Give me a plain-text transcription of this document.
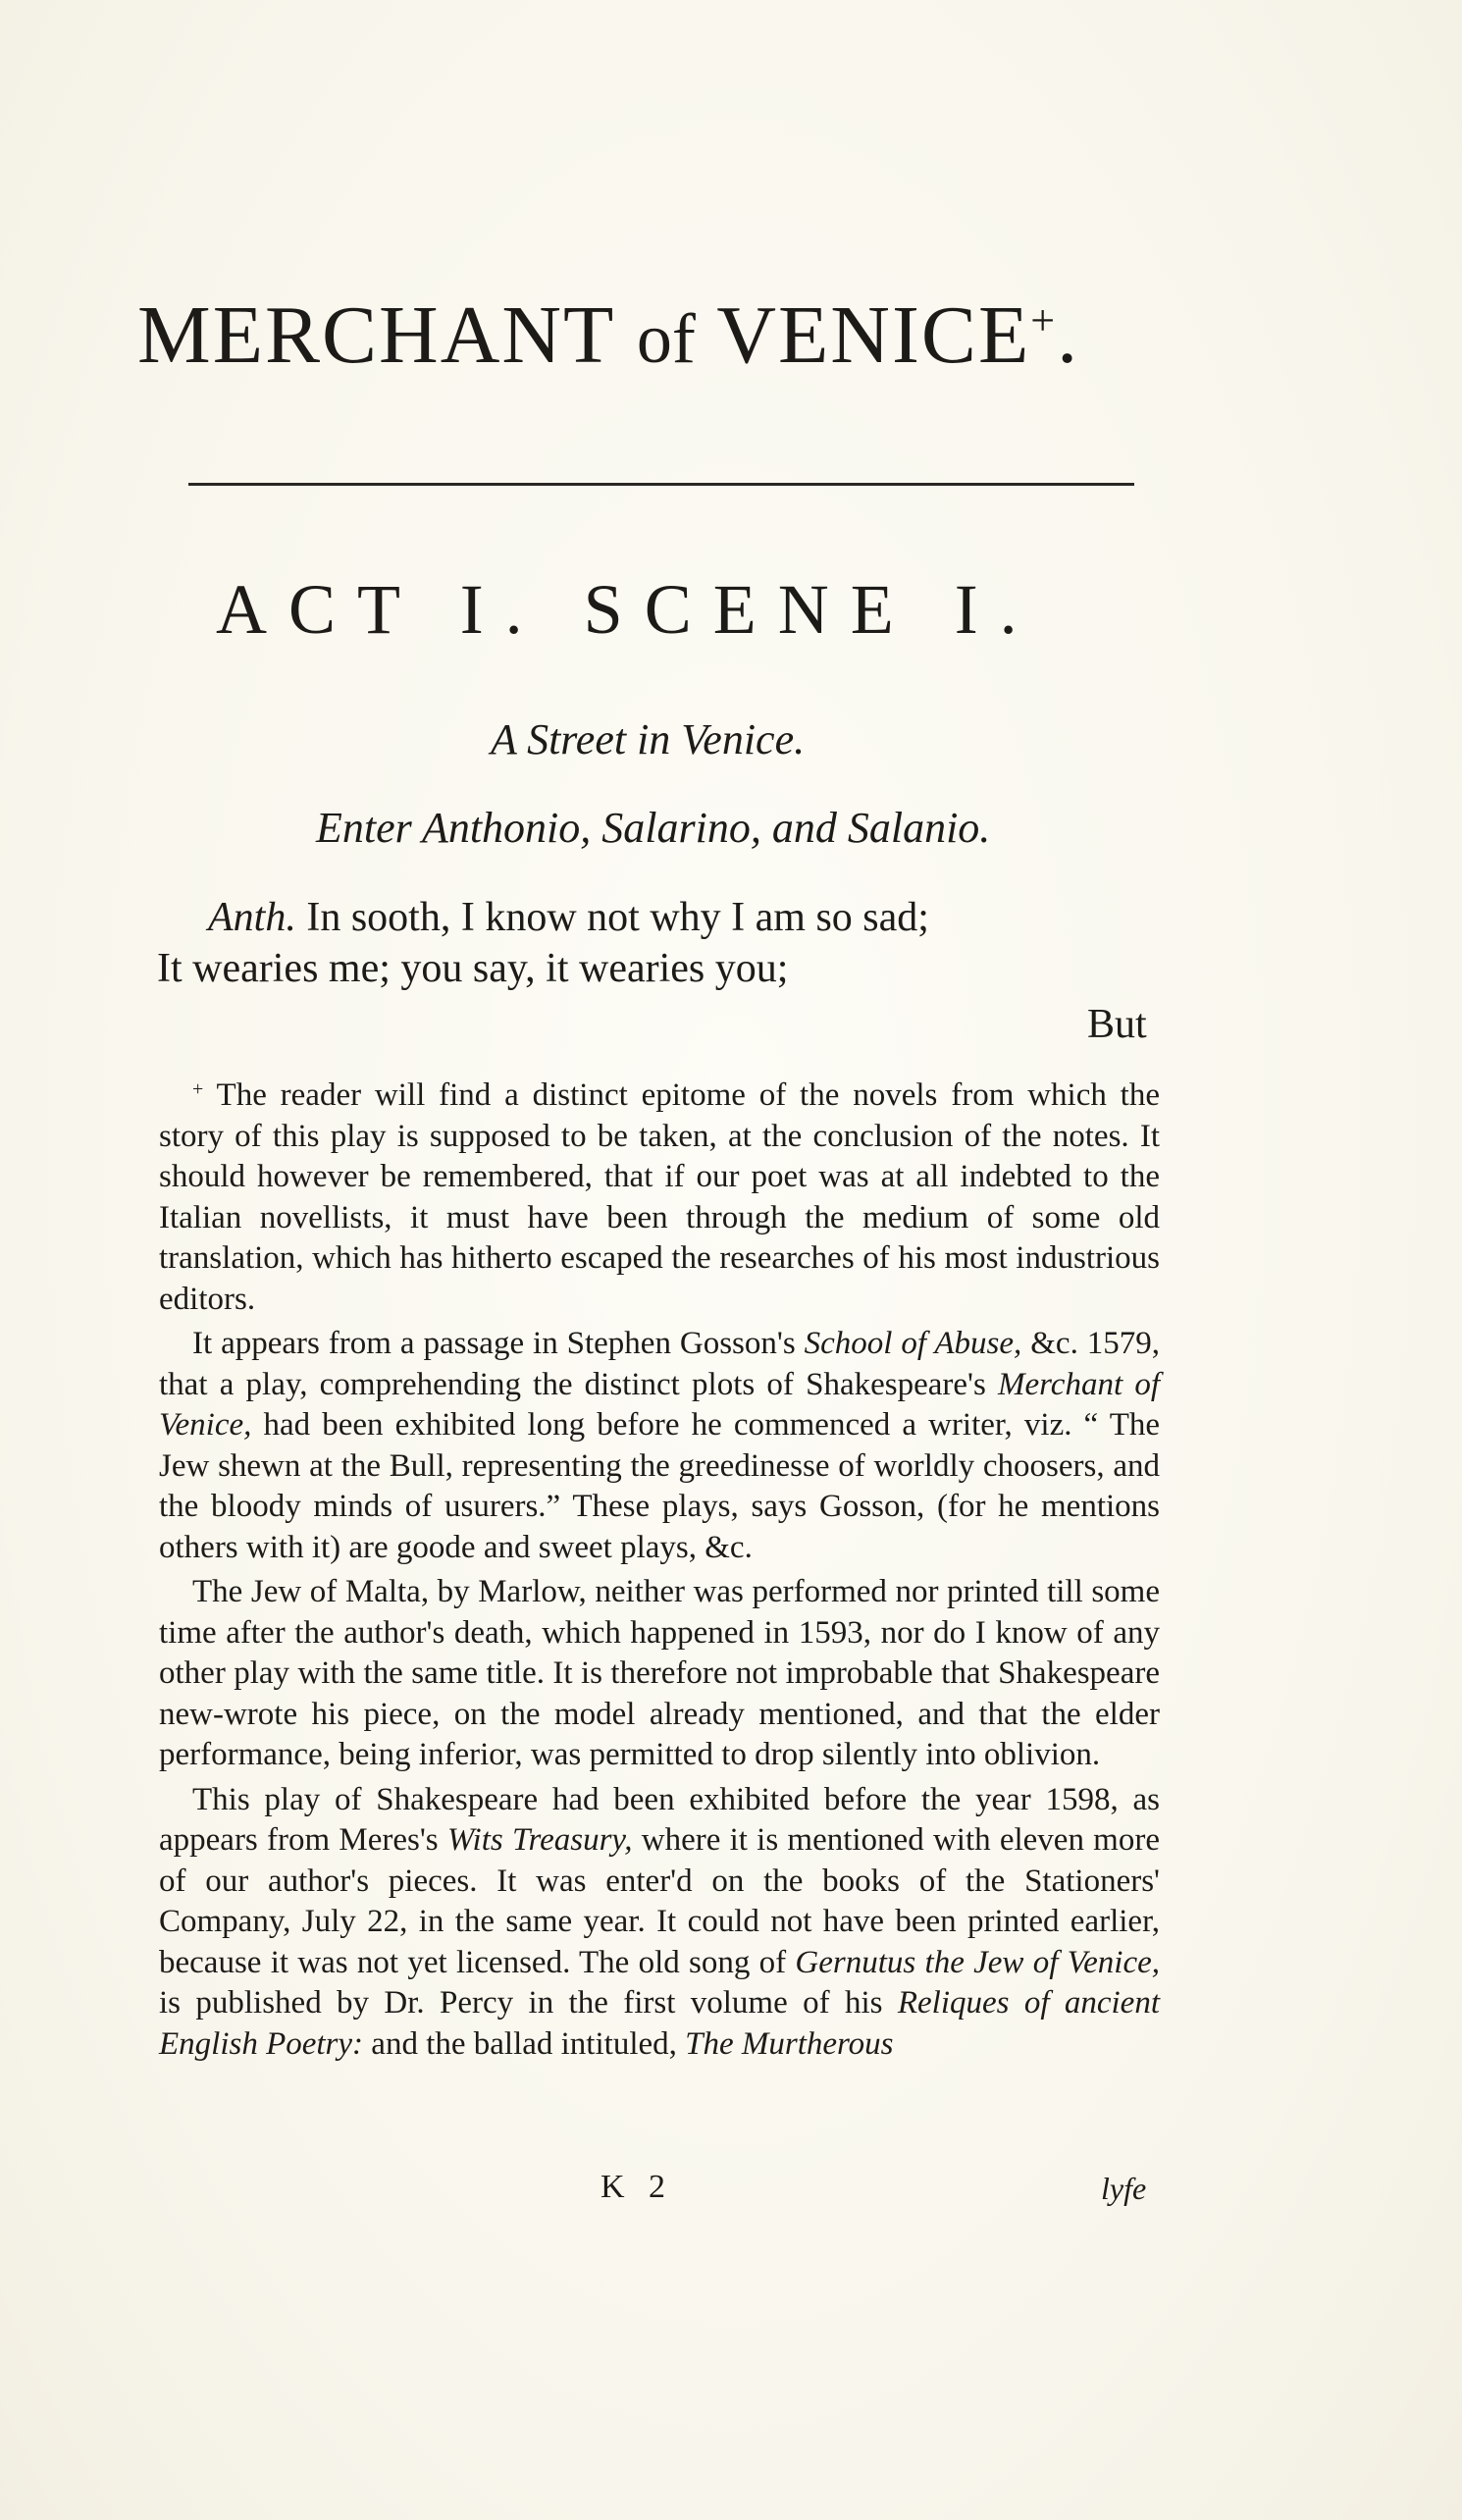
MERCHANT of VENICE+.
ACT I. SCENE I.

A Street in Venice.

Enter Anthonio, Salarino, and Salanio.

Anth. In sooth, I know not why I am so sad;

It wearies me; you say, it wearies you;

But

+ The reader will find a distinct epitome of the novels from which the story of this play is supposed to be taken, at the conclusion of the notes. It should however be remembered, that if our poet was at all indebted to the Italian novellists, it must have been through the medium of some old translation, which has hitherto escaped the researches of his most industrious editors.

It appears from a passage in Stephen Gosson's School of Abuse, &c. 1579, that a play, comprehending the distinct plots of Shakespeare's Merchant of Venice, had been exhibited long before he commenced a writer, viz. “ The Jew shewn at the Bull, representing the greedinesse of worldly choosers, and the bloody minds of usurers.” These plays, says Gosson, (for he mentions others with it) are goode and sweet plays, &c.

The Jew of Malta, by Marlow, neither was performed nor printed till some time after the author's death, which happened in 1593, nor do I know of any other play with the same title. It is therefore not improbable that Shakespeare new-wrote his piece, on the model already mentioned, and that the elder performance, being inferior, was permitted to drop silently into oblivion.

This play of Shakespeare had been exhibited before the year 1598, as appears from Meres's Wits Treasury, where it is mentioned with eleven more of our author's pieces. It was enter'd on the books of the Stationers' Company, July 22, in the same year. It could not have been printed earlier, because it was not yet licensed. The old song of Gernutus the Jew of Venice, is published by Dr. Percy in the first volume of his Reliques of ancient English Poetry: and the ballad intituled, The Murtherous

K 2	lyfe
